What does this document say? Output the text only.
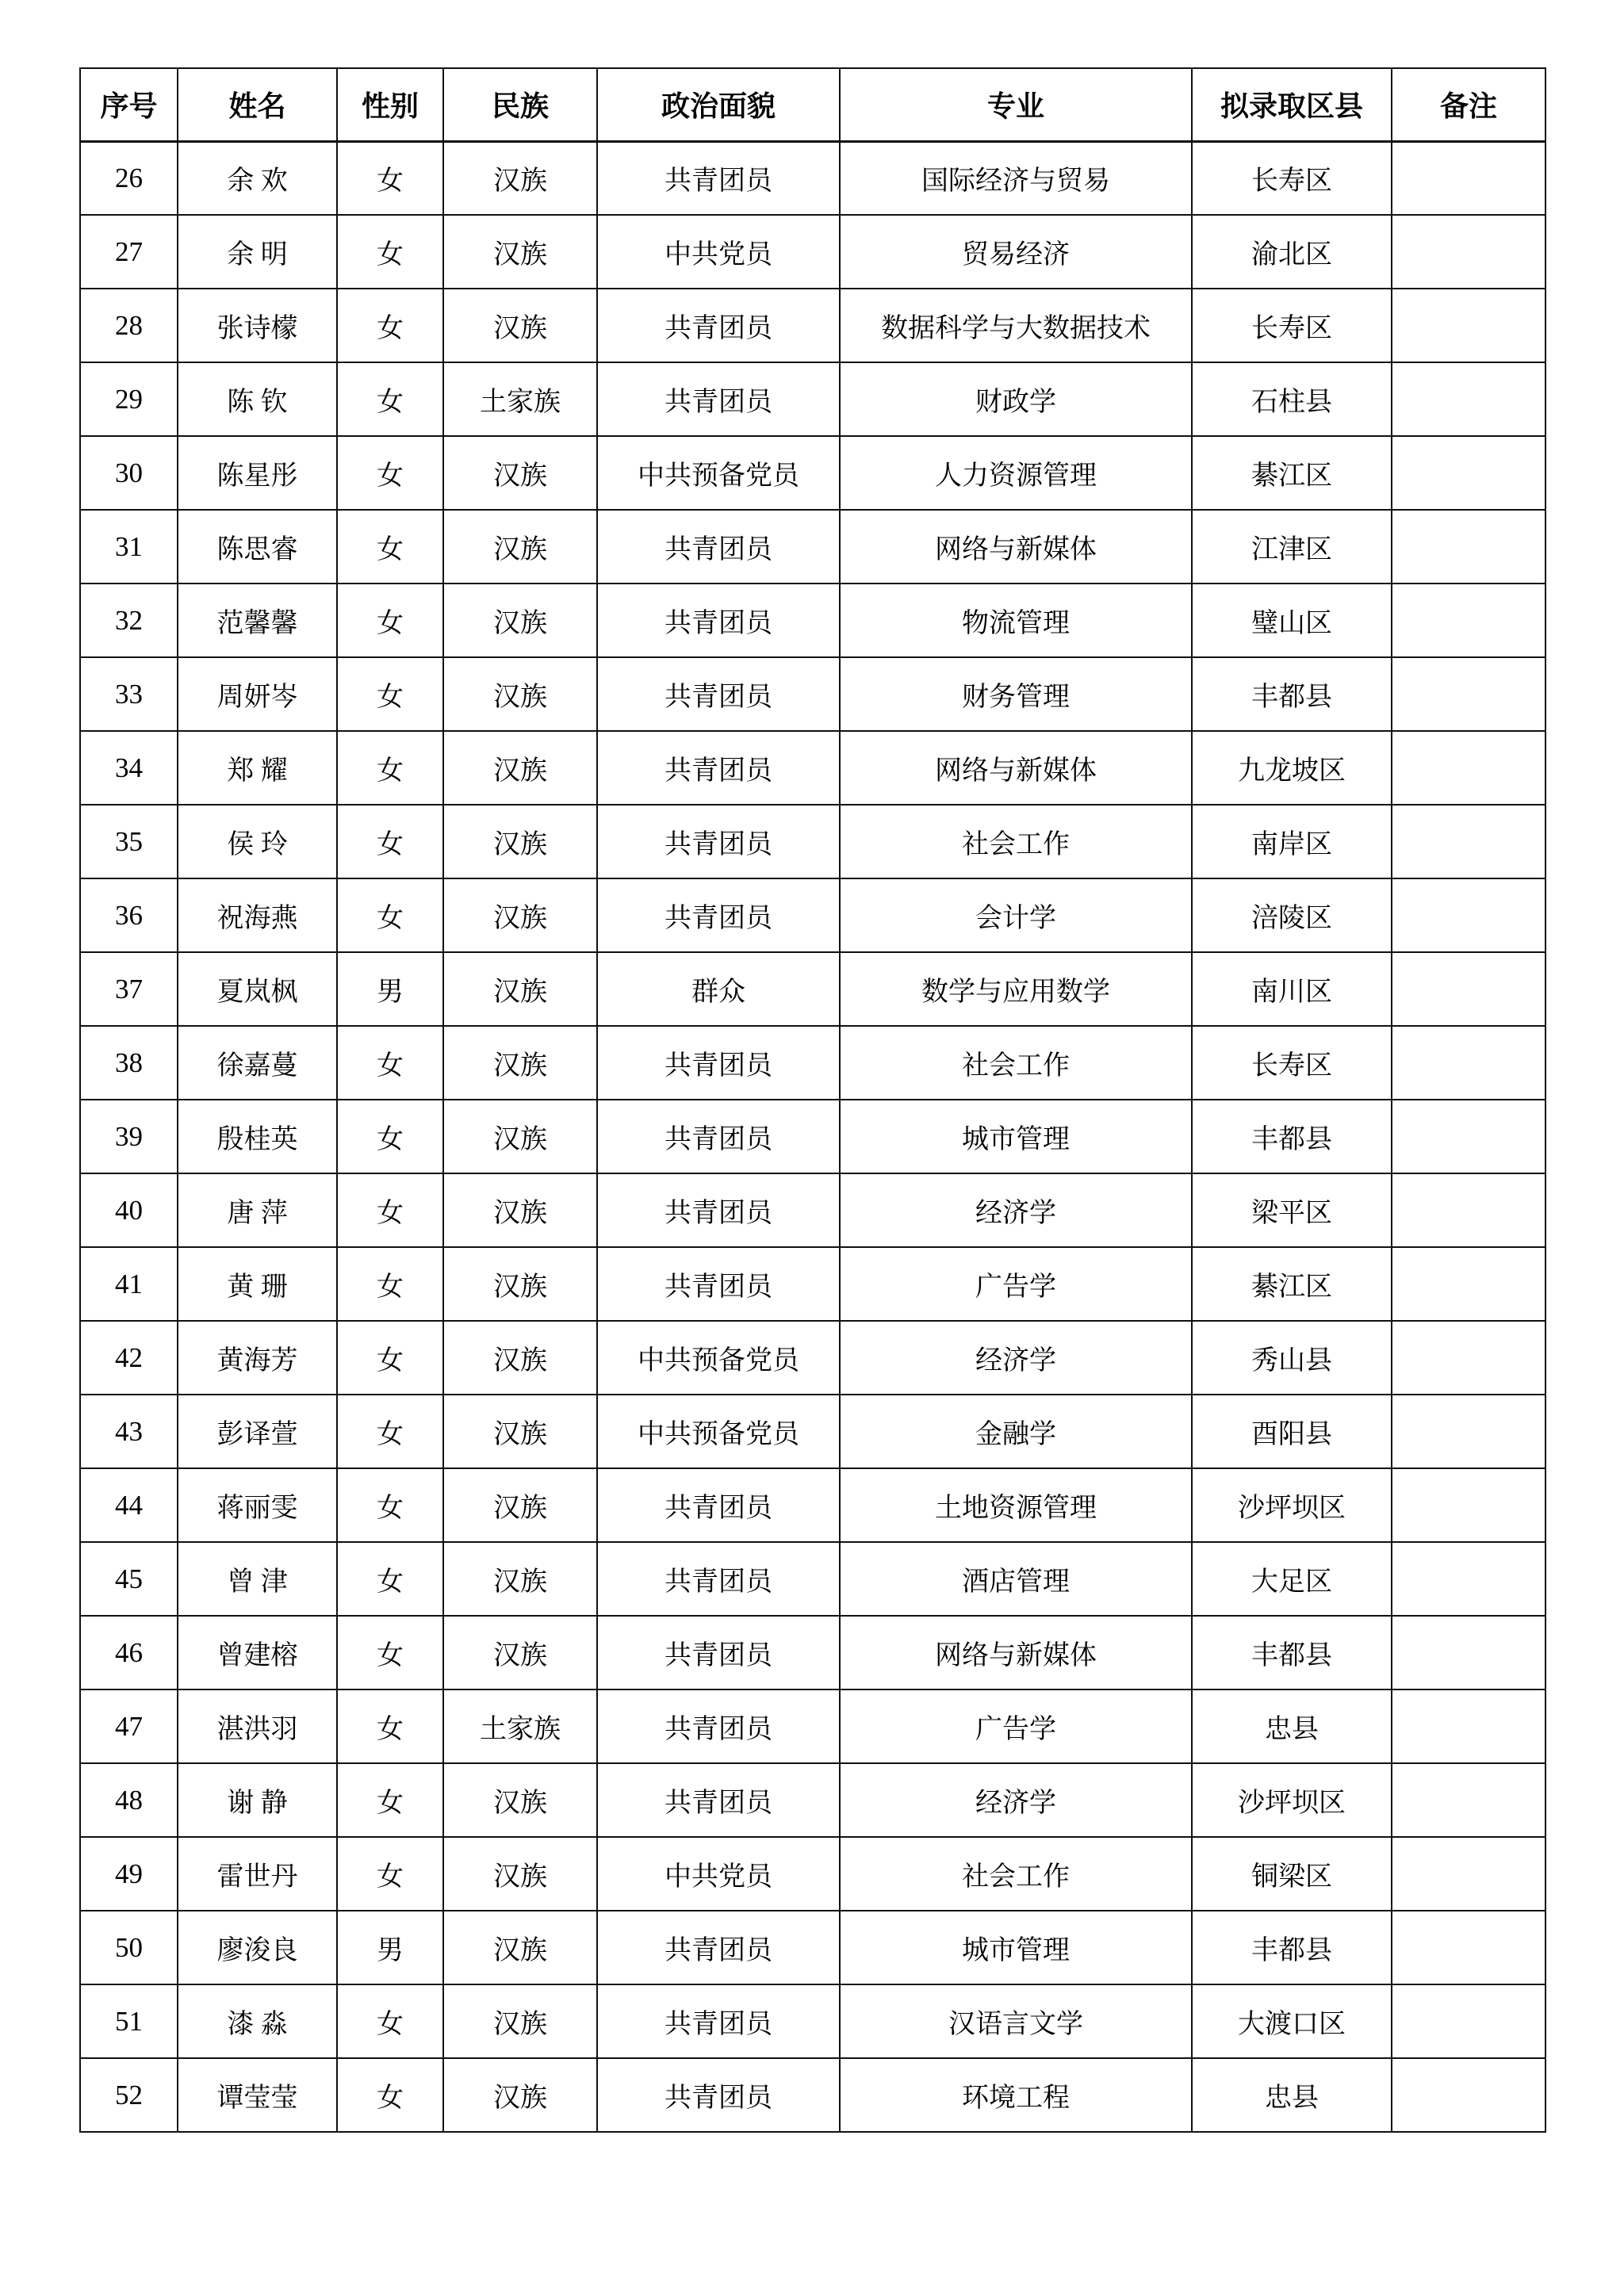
序号	姓名	性别	民族	政治面貌	专业	拟录取区县	备注
26	余 欢	女	汉族	共青团员	国际经济与贸易	长寿区	
27	余 明	女	汉族	中共党员	贸易经济	渝北区	
28	张诗檬	女	汉族	共青团员	数据科学与大数据技术	长寿区	
29	陈 钦	女	土家族	共青团员	财政学	石柱县	
30	陈星彤	女	汉族	中共预备党员	人力资源管理	綦江区	
31	陈思睿	女	汉族	共青团员	网络与新媒体	江津区	
32	范馨馨	女	汉族	共青团员	物流管理	璧山区	
33	周妍岑	女	汉族	共青团员	财务管理	丰都县	
34	郑 耀	女	汉族	共青团员	网络与新媒体	九龙坡区	
35	侯 玲	女	汉族	共青团员	社会工作	南岸区	
36	祝海燕	女	汉族	共青团员	会计学	涪陵区	
37	夏岚枫	男	汉族	群众	数学与应用数学	南川区	
38	徐嘉蔓	女	汉族	共青团员	社会工作	长寿区	
39	殷桂英	女	汉族	共青团员	城市管理	丰都县	
40	唐 萍	女	汉族	共青团员	经济学	梁平区	
41	黄 珊	女	汉族	共青团员	广告学	綦江区	
42	黄海芳	女	汉族	中共预备党员	经济学	秀山县	
43	彭译萱	女	汉族	中共预备党员	金融学	酉阳县	
44	蒋丽雯	女	汉族	共青团员	土地资源管理	沙坪坝区	
45	曾 津	女	汉族	共青团员	酒店管理	大足区	
46	曾建榕	女	汉族	共青团员	网络与新媒体	丰都县	
47	湛洪羽	女	土家族	共青团员	广告学	忠县	
48	谢 静	女	汉族	共青团员	经济学	沙坪坝区	
49	雷世丹	女	汉族	中共党员	社会工作	铜梁区	
50	廖浚良	男	汉族	共青团员	城市管理	丰都县	
51	漆 淼	女	汉族	共青团员	汉语言文学	大渡口区	
52	谭莹莹	女	汉族	共青团员	环境工程	忠县	
